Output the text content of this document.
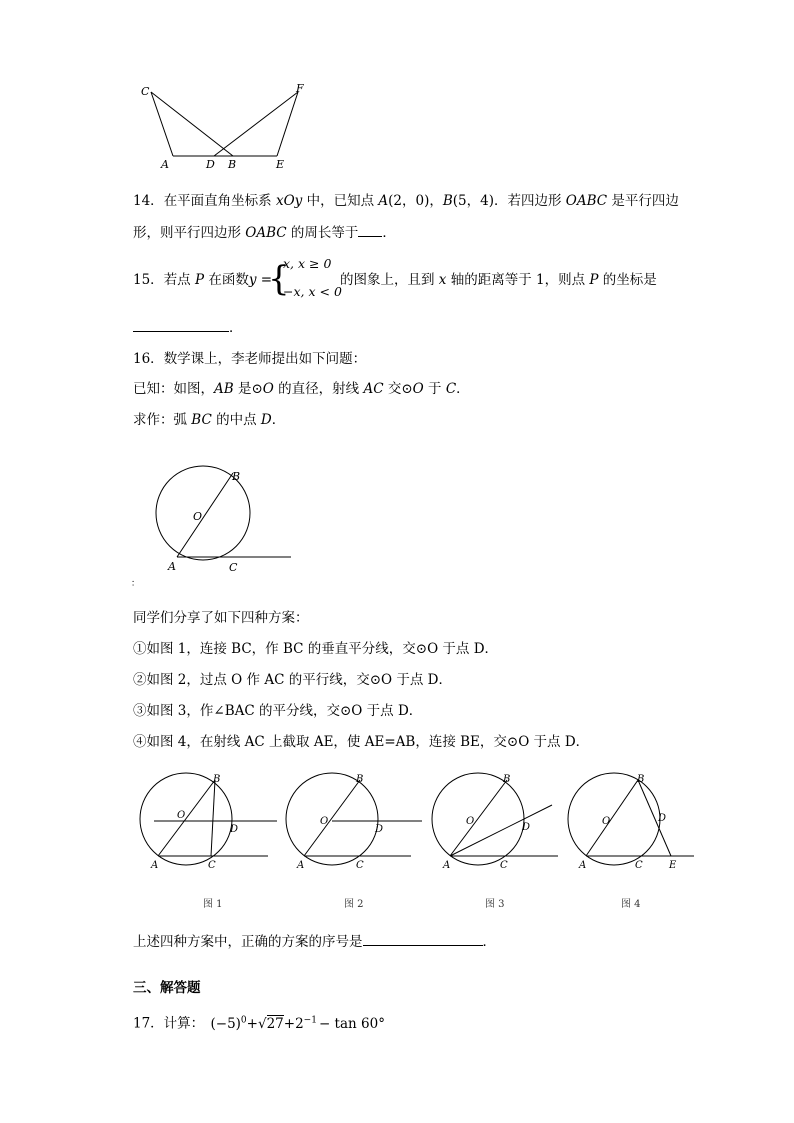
C	F
A	D B	E
14．在平面直角坐标系 xOy 中，已知点 A(2，0)，B(5，4)．若四边形 OABC 是平行四边
形，则平行四边形 OABC 的周长等于 ．
15．若点 P 在函数y =
{
x, x ≥ 0
−x, x < 0
的图象上，且到 x 轴的距离等于 1，则点 P 的坐标是
．
16．数学课上，李老师提出如下问题：
已知：如图，AB 是⊙O 的直径，射线 AC 交⊙O 于 C．
求作：弧 BC 的中点 D．
B
O
A	C
：
同学们分享了如下四种方案：
①如图 1，连接 BC，作 BC 的垂直平分线，交⊙O 于点 D．
②如图 2，过点 O 作 AC 的平行线，交⊙O 于点 D．
③如图 3，作∠BAC 的平分线，交⊙O 于点 D．
④如图 4，在射线 AC 上截取 AE，使 AE=AB，连接 BE，交⊙O 于点 D．
B
O
D
A	C
B
O
D
A	C
B
O
D
A	C
B
O	D
A	C	E
图 1	图 2	图 3	图 4
上述四种方案中，正确的方案的序号是	．
三、解答题
17．计算： $(-5)^0+√27+2^{-1} - \tan 60^\circ$
